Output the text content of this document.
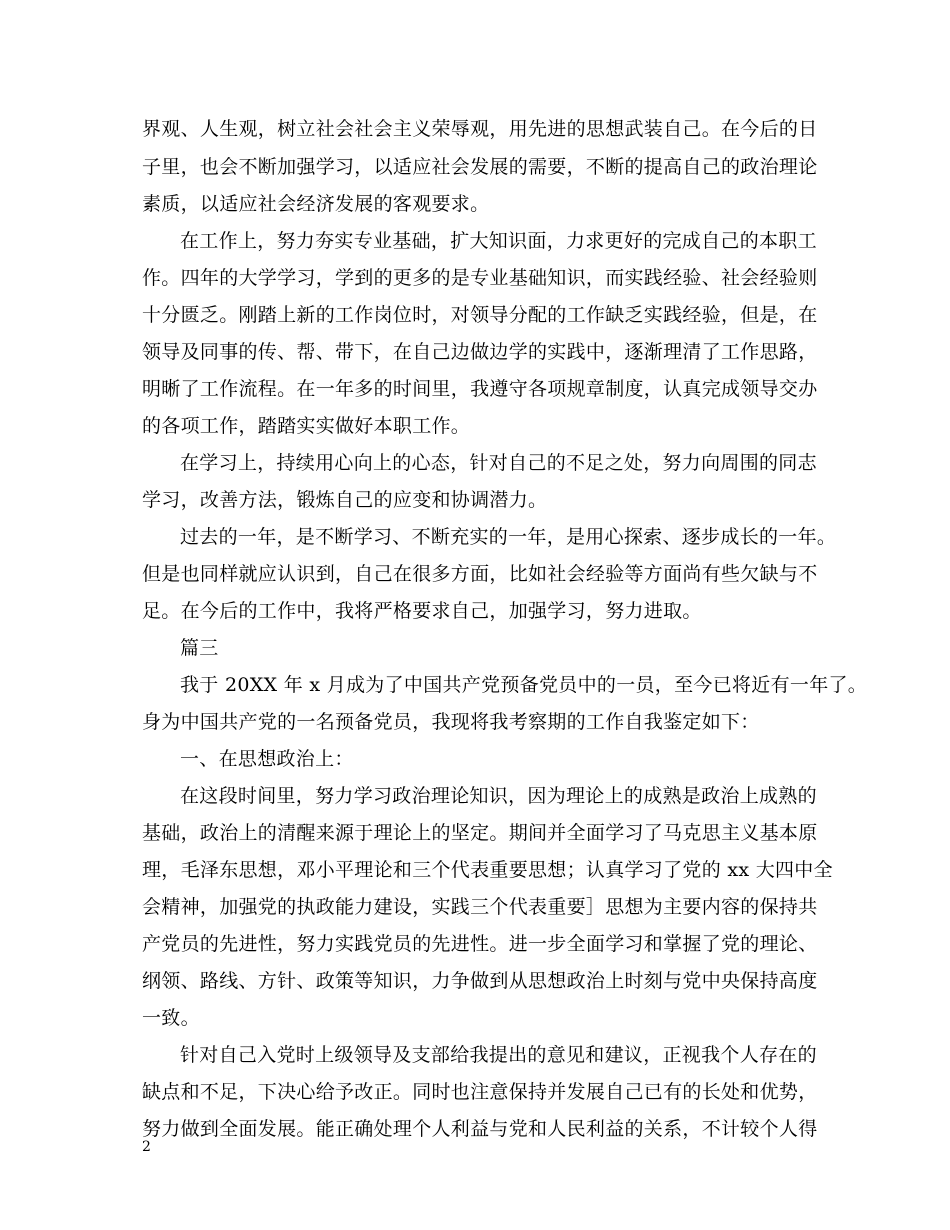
界观、人生观，树立社会社会主义荣辱观，用先进的思想武装自己。在今后的日
子里，也会不断加强学习，以适应社会发展的需要，不断的提高自己的政治理论
素质，以适应社会经济发展的客观要求。
在工作上，努力夯实专业基础，扩大知识面，力求更好的完成自己的本职工
作。四年的大学学习，学到的更多的是专业基础知识，而实践经验、社会经验则
十分匮乏。刚踏上新的工作岗位时，对领导分配的工作缺乏实践经验，但是，在
领导及同事的传、帮、带下，在自己边做边学的实践中，逐渐理清了工作思路，
明晰了工作流程。在一年多的时间里，我遵守各项规章制度，认真完成领导交办
的各项工作，踏踏实实做好本职工作。
在学习上，持续用心向上的心态，针对自己的不足之处，努力向周围的同志
学习，改善方法，锻炼自己的应变和协调潜力。
过去的一年，是不断学习、不断充实的一年，是用心探索、逐步成长的一年。
但是也同样就应认识到，自己在很多方面，比如社会经验等方面尚有些欠缺与不
足。在今后的工作中，我将严格要求自己，加强学习，努力进取。
篇三
我于 20XX 年 x 月成为了中国共产党预备党员中的一员，至今已将近有一年了。
身为中国共产党的一名预备党员，我现将我考察期的工作自我鉴定如下：
一、在思想政治上：
在这段时间里，努力学习政治理论知识，因为理论上的成熟是政治上成熟的
基础，政治上的清醒来源于理论上的坚定。期间并全面学习了马克思主义基本原
理，毛泽东思想，邓小平理论和三个代表重要思想；认真学习了党的 xx 大四中全
会精神，加强党的执政能力建设，实践三个代表重要］思想为主要内容的保持共
产党员的先进性，努力实践党员的先进性。进一步全面学习和掌握了党的理论、
纲领、路线、方针、政策等知识，力争做到从思想政治上时刻与党中央保持高度
一致。
针对自己入党时上级领导及支部给我提出的意见和建议，正视我个人存在的
缺点和不足，下决心给予改正。同时也注意保持并发展自己已有的长处和优势，
努力做到全面发展。能正确处理个人利益与党和人民利益的关系，不计较个人得
2
